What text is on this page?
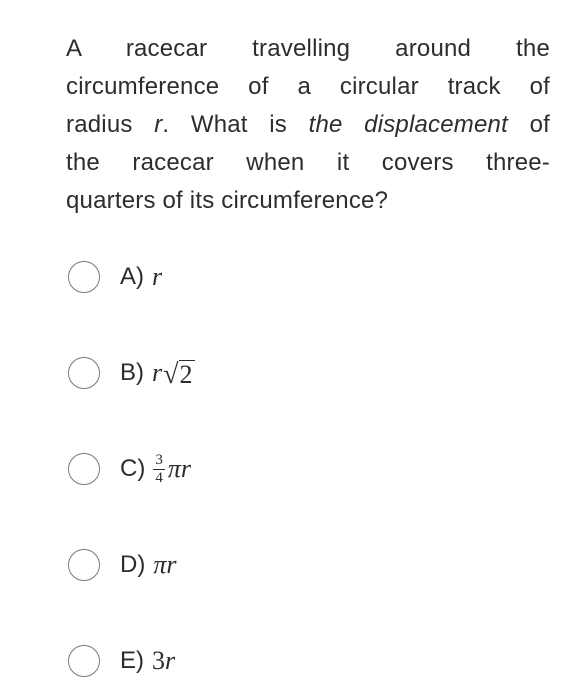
A racecar travelling around the
circumference of a circular track of
radius r. What is the displacement of
the racecar when it covers three-
quarters of its circumference?
A) r
B) r √ 2
$C) \frac{3}{4}$ π r
D) π r
E) 3 r
